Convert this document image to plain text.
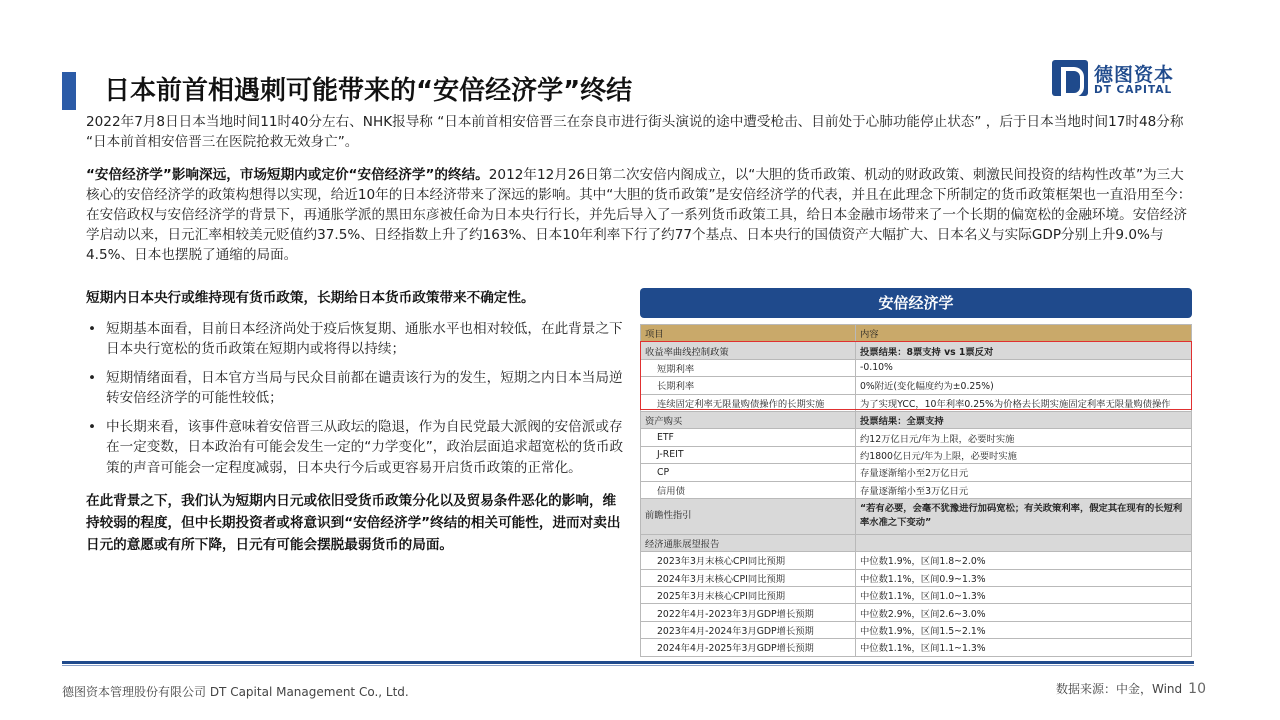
日本前首相遇刺可能带来的“安倍经济学”终结
德图资本
DT CAPITAL
2022年7月8日日本当地时间11时40分左右、NHK报导称 “日本前首相安倍晋三在奈良市进行街头演说的途中遭受枪击、目前处于心肺功能停止状态” ，后于日本当地时间17时48分称 “日本前首相安倍晋三在医院抢救无效身亡”。
“安倍经济学”影响深远，市场短期内或定价“安倍经济学”的终结。2012年12月26日第二次安倍内阁成立，以“大胆的货币政策、机动的财政政策、刺激民间投资的结构性改革”为三大核心的安倍经济学的政策构想得以实现，给近10年的日本经济带来了深远的影响。其中“大胆的货币政策”是安倍经济学的代表，并且在此理念下所制定的货币政策框架也一直沿用至今：在安倍政权与安倍经济学的背景下，再通胀学派的黑田东彦被任命为日本央行行长，并先后导入了一系列货币政策工具，给日本金融市场带来了一个长期的偏宽松的金融环境。安倍经济学启动以来，日元汇率相较美元贬值约37.5%、日经指数上升了约163%、日本10年利率下行了约77个基点、日本央行的国债资产大幅扩大、日本名义与实际GDP分别上升9.0%与4.5%、日本也摆脱了通缩的局面。
短期内日本央行或维持现有货币政策，长期给日本货币政策带来不确定性。
• 短期基本面看，目前日本经济尚处于疫后恢复期、通胀水平也相对较低，在此背景之下日本央行宽松的货币政策在短期内或将得以持续；
• 短期情绪面看，日本官方当局与民众目前都在谴责该行为的发生，短期之内日本当局逆转安倍经济学的可能性较低；
• 中长期来看，该事件意味着安倍晋三从政坛的隐退，作为自民党最大派阀的安倍派或存在一定变数，日本政治有可能会发生一定的“力学变化”，政治层面追求超宽松的货币政策的声音可能会一定程度减弱，日本央行今后或更容易开启货币政策的正常化。
在此背景之下，我们认为短期内日元或依旧受货币政策分化以及贸易条件恶化的影响，维持较弱的程度，但中长期投资者或将意识到“安倍经济学”终结的相关可能性，进而对卖出日元的意愿或有所下降，日元有可能会摆脱最弱货币的局面。
安倍经济学
项目	内容
收益率曲线控制政策	投票结果：8票支持 vs 1票反对
短期利率	-0.10%
长期利率	0%附近(变化幅度约为±0.25%)
连续固定利率无限量购债操作的长期实施	为了实现YCC，10年利率0.25%为价格去长期实施固定利率无限量购债操作
资产购买	投票结果：全票支持
ETF	约12万亿日元/年为上限，必要时实施
J-REIT	约1800亿日元/年为上限，必要时实施
CP	存量逐渐缩小至2万亿日元
信用债	存量逐渐缩小至3万亿日元
前瞻性指引	“若有必要，会毫不犹豫进行加码宽松；有关政策利率，假定其在现有的长短利率水准之下变动”
经济通胀展望报告	
2023年3月末核心CPI同比预期	中位数1.9%，区间1.8~2.0%
2024年3月末核心CPI同比预期	中位数1.1%，区间0.9~1.3%
2025年3月末核心CPI同比预期	中位数1.1%，区间1.0~1.3%
2022年4月-2023年3月GDP增长预期	中位数2.9%，区间2.6~3.0%
2023年4月-2024年3月GDP增长预期	中位数1.9%，区间1.5~2.1%
2024年4月-2025年3月GDP增长预期	中位数1.1%，区间1.1~1.3%
德图资本管理股份有限公司 DT Capital Management Co., Ltd.	数据来源：中金，Wind 10
